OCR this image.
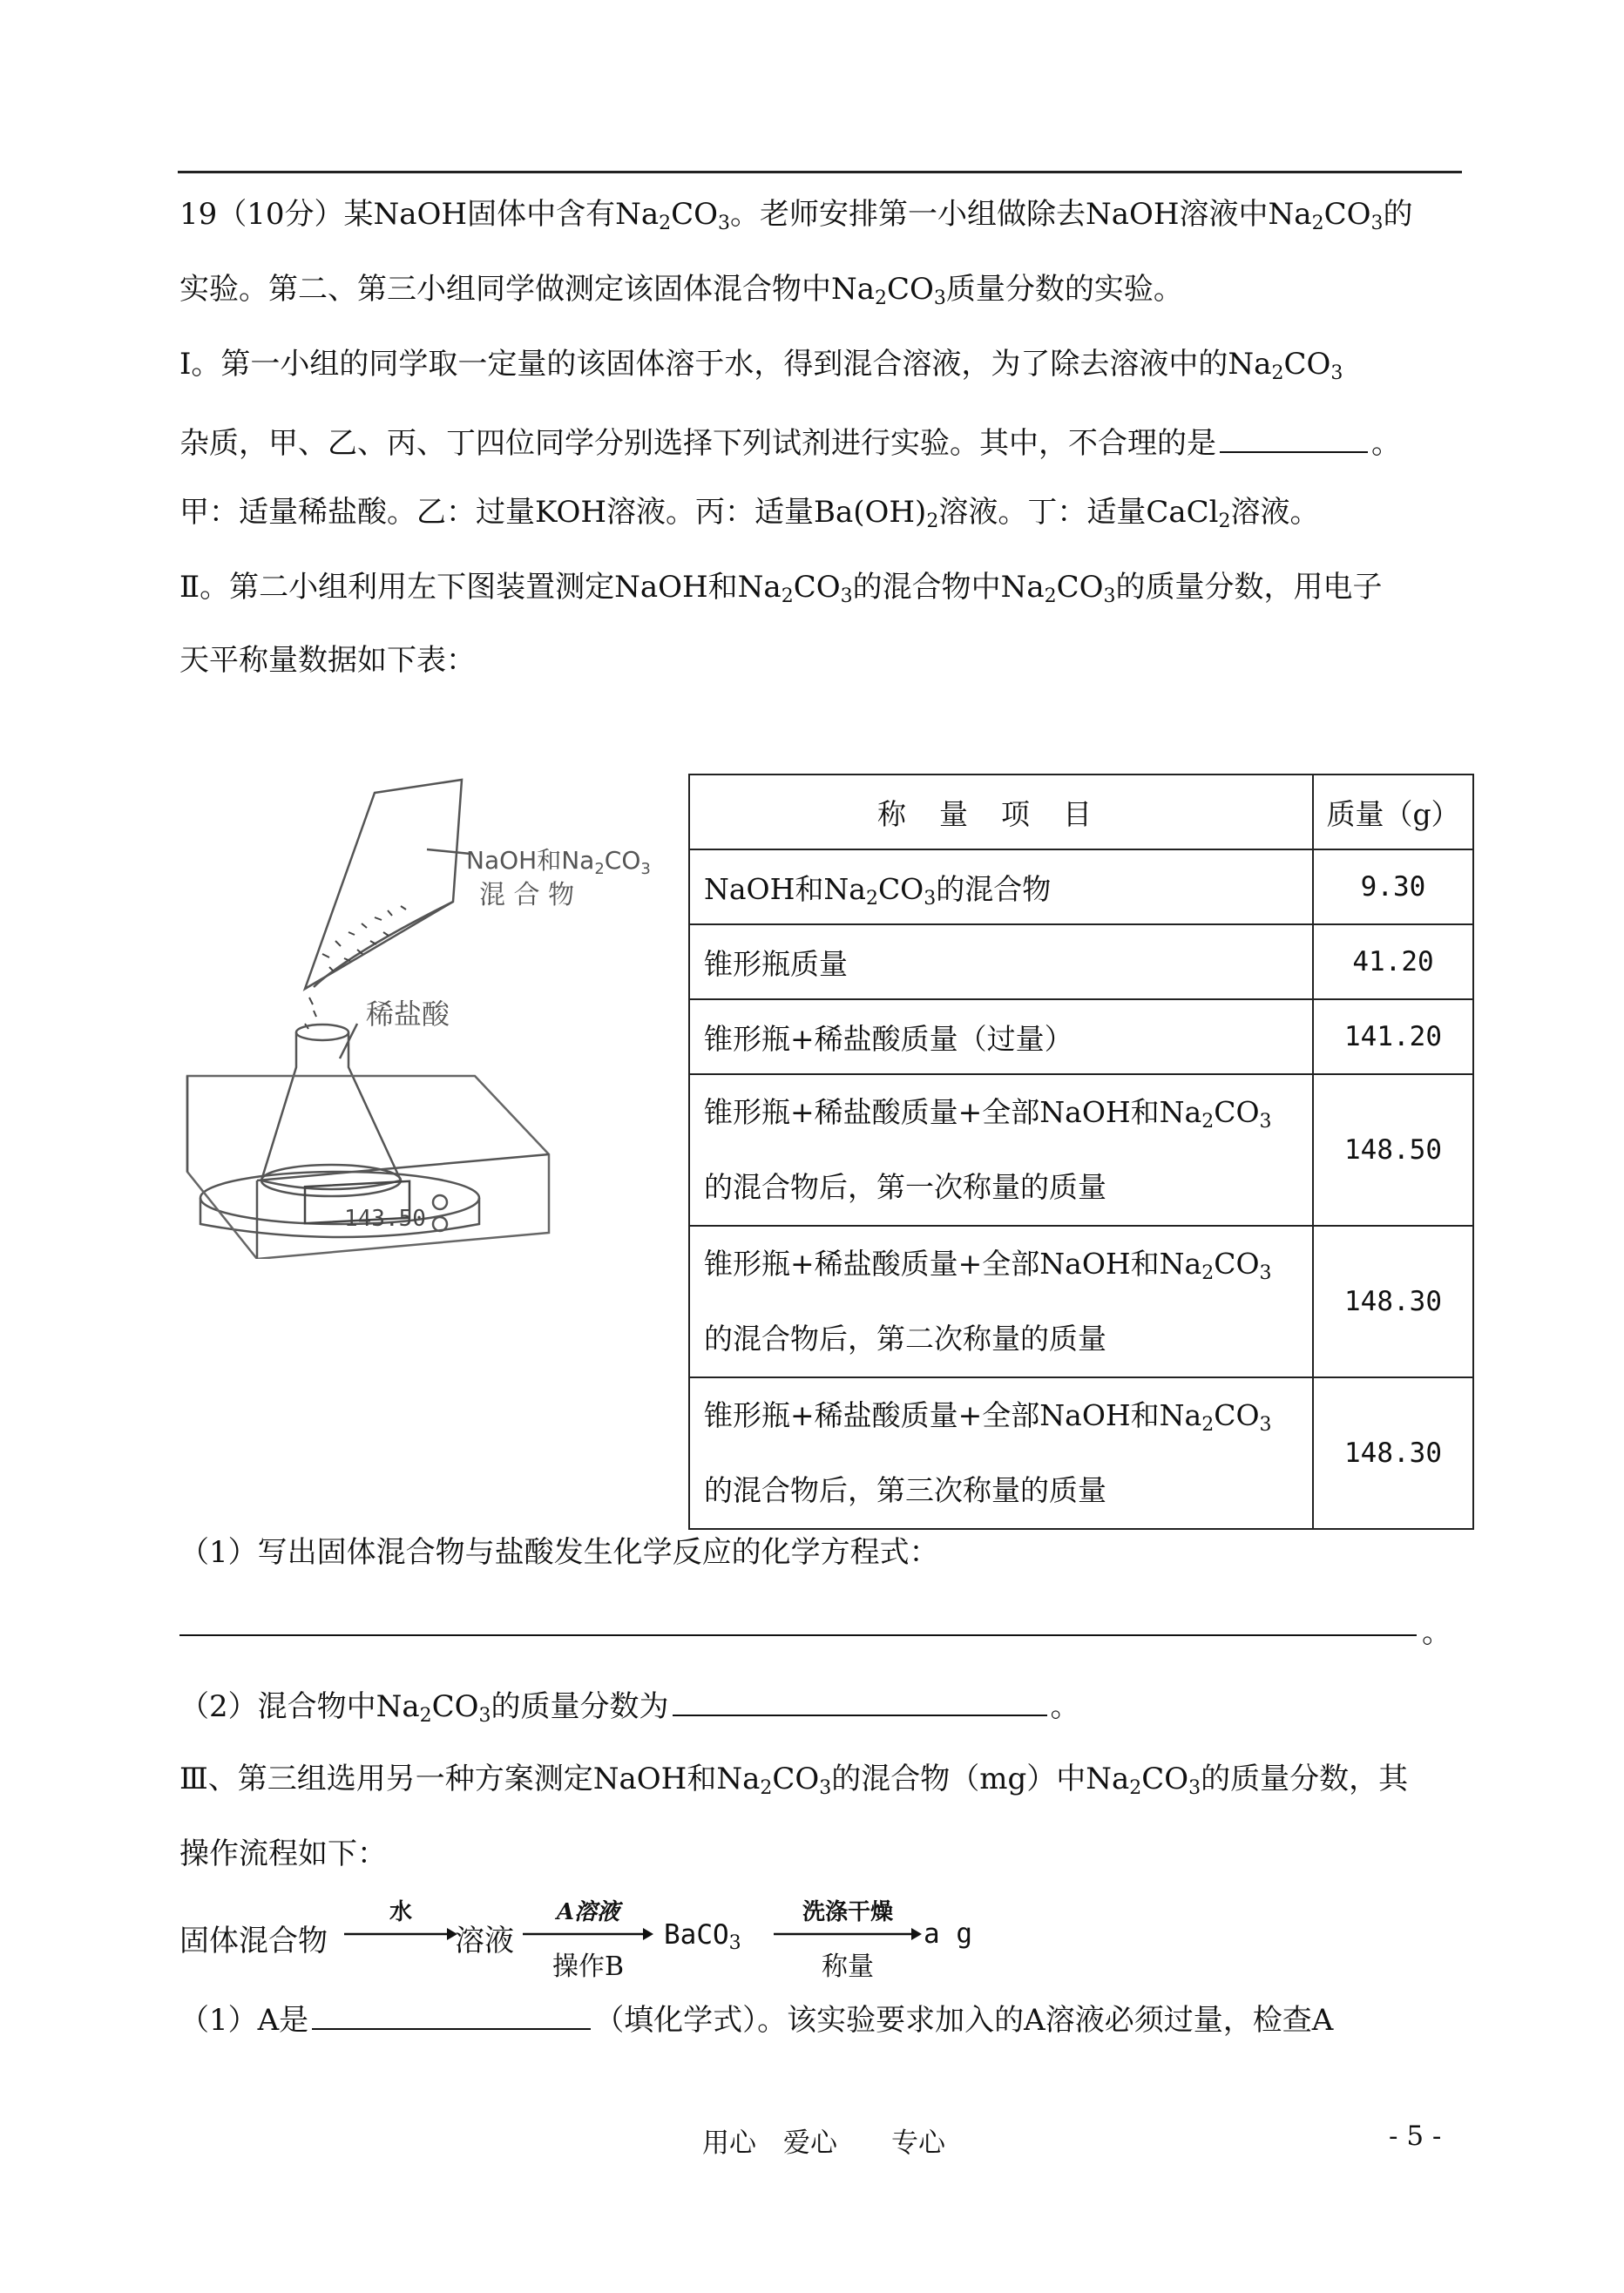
19（10分）某NaOH固体中含有$Na_2CO_3$。老师安排第一小组做除去NaOH溶液中$Na_2CO_3$的
实验。第二、第三小组同学做测定该固体混合物中$Na_2CO_3$质量分数的实验。
Ⅰ。第一小组的同学取一定量的该固体溶于水，得到混合溶液，为了除去溶液中的$Na_2CO_3$
杂质，甲、乙、丙、丁四位同学分别选择下列试剂进行实验。其中，不合理的是	。
甲：适量稀盐酸。乙：过量KOH溶液。丙：适量$Ba(OH)_2$溶液。丁：适量CaCl$_2$溶液。
Ⅱ。第二小组利用左下图装置测定NaOH和$Na_2CO_3$的混合物中$Na_2CO_3$的质量分数，用电子
天平称量数据如下表：
143.50
NaOH和$Na_2CO_3$
混 合 物
稀盐酸
称量项目	质量（g）
NaOH和$Na_2CO_3$的混合物	9.30
锥形瓶质量	41.20
锥形瓶+稀盐酸质量（过量）	141.20
锥形瓶+稀盐酸质量+全部NaOH和$Na_2CO_3$
的混合物后，第一次称量的质量	148.50
锥形瓶+稀盐酸质量+全部NaOH和$Na_2CO_3$
的混合物后，第二次称量的质量	148.30
锥形瓶+稀盐酸质量+全部NaOH和$Na_2CO_3$
的混合物后，第三次称量的质量	148.30
（1）写出固体混合物与盐酸发生化学反应的化学方程式：
。
（2）混合物中$Na_2CO_3$的质量分数为	。
Ⅲ、第三组选用另一种方案测定NaOH和$Na_2CO_3$的混合物（mg）中$Na_2CO_3$的质量分数，其
操作流程如下：
固体混合物
水
溶液
A溶液
操作B
BaCO$_3$
洗涤干燥
称量
a g
（1）A是	（填化学式）。该实验要求加入的A溶液必须过量，检查A
用心　爱心　　专心	- 5 -
